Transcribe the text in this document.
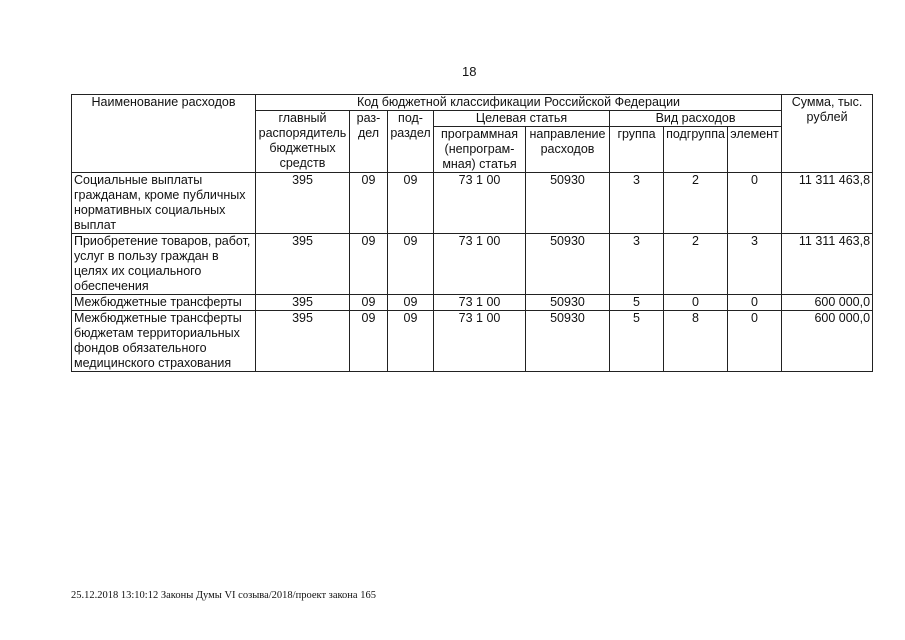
18
Наименование расходов	Код бюджетной классификации Российской Федерации								Сумма, тыс. рублей
	главный распорядитель бюджетных средств	раз-дел	под-раздел	Целевая статья		Вид расходов			
				программная (непрограм-мная) статья	направление расходов	группа	подгруппа	элемент	
Социальные выплаты гражданам, кроме публичных нормативных социальных выплат	395	09	09	73 1 00	50930	3	2	0	11 311 463,8
Приобретение товаров, работ, услуг в пользу граждан в целях их социального обеспечения	395	09	09	73 1 00	50930	3	2	3	11 311 463,8
Межбюджетные трансферты	395	09	09	73 1 00	50930	5	0	0	600 000,0
Межбюджетные трансферты бюджетам территориальных фондов обязательного медицинского страхования	395	09	09	73 1 00	50930	5	8	0	600 000,0
25.12.2018 13:10:12 Законы Думы VI созыва/2018/проект закона 165
